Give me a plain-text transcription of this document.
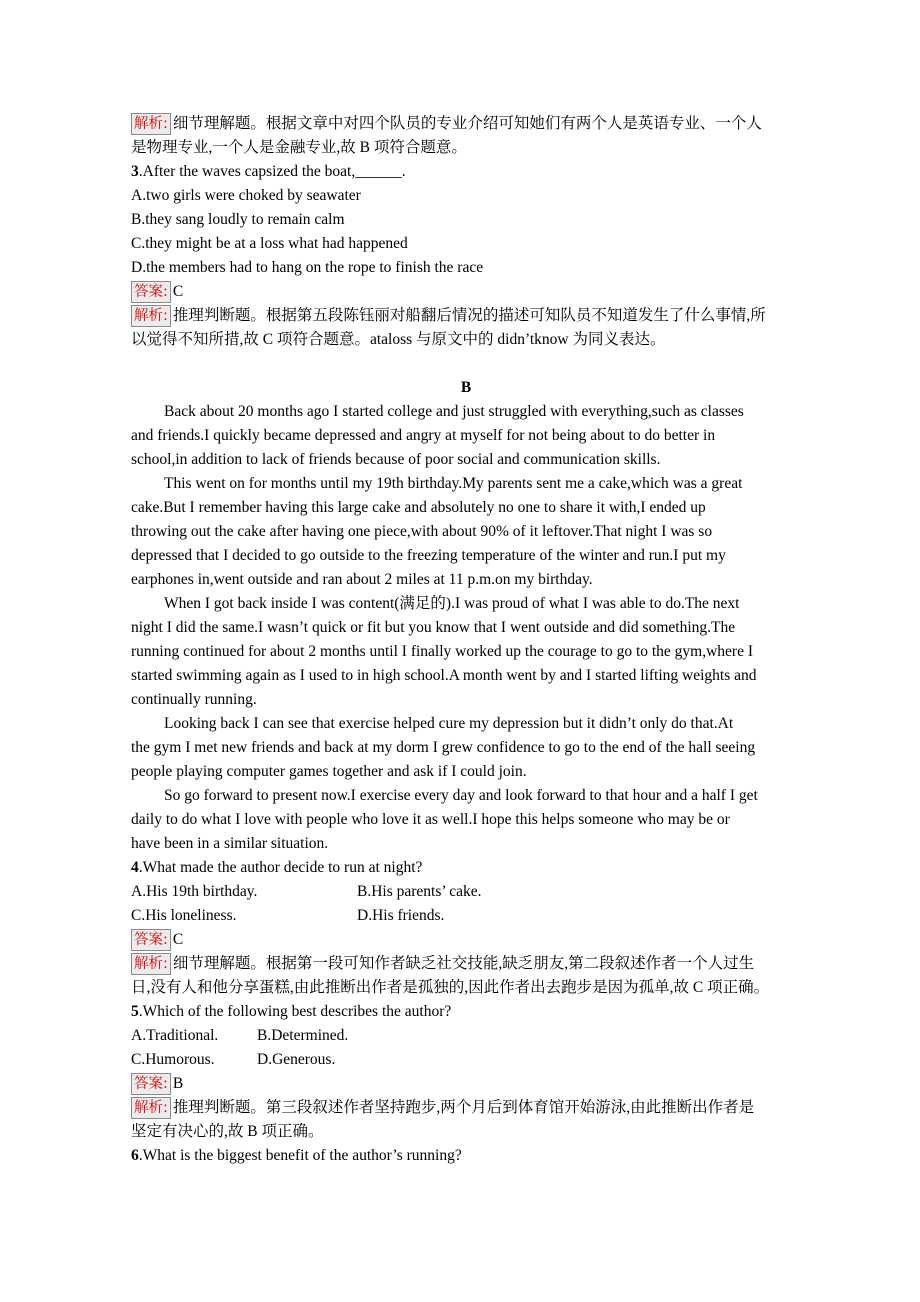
解析: 细节理解题。根据文章中对四个队员的专业介绍可知她们有两个人是英语专业、一个人
是物理专业,一个人是金融专业,故 B 项符合题意。
3.After the waves capsized the boat,______.
A.two girls were choked by seawater
B.they sang loudly to remain calm
C.they might be at a loss what had happened
D.the members had to hang on the rope to finish the race
答案: C
解析: 推理判断题。根据第五段陈钰丽对船翻后情况的描述可知队员不知道发生了什么事情,所
以觉得不知所措,故 C 项符合题意。ataloss 与原文中的 didn’tknow 为同义表达。
B
Back about 20 months ago I started college and just struggled with everything,such as classes
and friends.I quickly became depressed and angry at myself for not being about to do better in
school,in addition to lack of friends because of poor social and communication skills.
This went on for months until my 19th birthday.My parents sent me a cake,which was a great
cake.But I remember having this large cake and absolutely no one to share it with,I ended up
throwing out the cake after having one piece,with about 90% of it leftover.That night I was so
depressed that I decided to go outside to the freezing temperature of the winter and run.I put my
earphones in,went outside and ran about 2 miles at 11 p.m.on my birthday.
When I got back inside I was content(满足的).I was proud of what I was able to do.The next
night I did the same.I wasn’t quick or fit but you know that I went outside and did something.The
running continued for about 2 months until I finally worked up the courage to go to the gym,where I
started swimming again as I used to in high school.A month went by and I started lifting weights and
continually running.
Looking back I can see that exercise helped cure my depression but it didn’t only do that.At
the gym I met new friends and back at my dorm I grew confidence to go to the end of the hall seeing
people playing computer games together and ask if I could join.
So go forward to present now.I exercise every day and look forward to that hour and a half I get
daily to do what I love with people who love it as well.I hope this helps someone who may be or
have been in a similar situation.
4.What made the author decide to run at night?
A.His 19th birthday.	B.His parents’ cake.
C.His loneliness.	D.His friends.
答案: C
解析: 细节理解题。根据第一段可知作者缺乏社交技能,缺乏朋友,第二段叙述作者一个人过生
日,没有人和他分享蛋糕,由此推断出作者是孤独的,因此作者出去跑步是因为孤单,故 C 项正确。
5.Which of the following best describes the author?
A.Traditional. B.Determined.
C.Humorous.	D.Generous.
答案: B
解析: 推理判断题。第三段叙述作者坚持跑步,两个月后到体育馆开始游泳,由此推断出作者是
坚定有决心的,故 B 项正确。
6.What is the biggest benefit of the author’s running?
